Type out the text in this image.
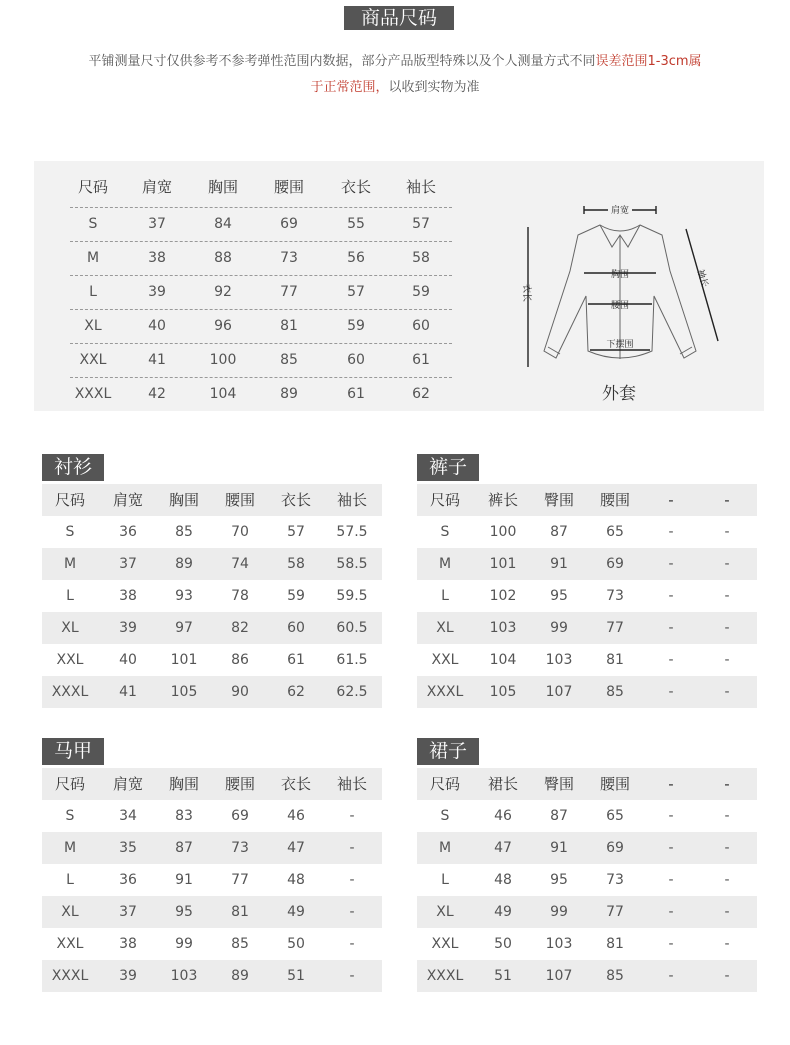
商品尺码
平铺测量尺寸仅供参考不参考弹性范围内数据，部分产品版型特殊以及个人测量方式不同误差范围1-3cm属
于正常范围，以收到实物为准
尺码	肩宽	胸围	腰围	衣长	袖长
S	37	84	69	55	57
M	38	88	73	56	58
L	39	92	77	57	59
XL	40	96	81	59	60
XXL	41	100	85	60	61
XXXL	42	104	89	61	62
肩宽
胸围
腰围
下摆围
衣长
袖长
外套
衬衫
尺码	肩宽	胸围	腰围	衣长	袖长
S	36	85	70	57	57.5
M	37	89	74	58	58.5
L	38	93	78	59	59.5
XL	39	97	82	60	60.5
XXL	40	101	86	61	61.5
XXXL	41	105	90	62	62.5
裤子
尺码	裤长	臀围	腰围	-	-
S	100	87	65	-	-
M	101	91	69	-	-
L	102	95	73	-	-
XL	103	99	77	-	-
XXL	104	103	81	-	-
XXXL	105	107	85	-	-
马甲
尺码	肩宽	胸围	腰围	衣长	袖长
S	34	83	69	46	-
M	35	87	73	47	-
L	36	91	77	48	-
XL	37	95	81	49	-
XXL	38	99	85	50	-
XXXL	39	103	89	51	-
裙子
尺码	裙长	臀围	腰围	-	-
S	46	87	65	-	-
M	47	91	69	-	-
L	48	95	73	-	-
XL	49	99	77	-	-
XXL	50	103	81	-	-
XXXL	51	107	85	-	-
